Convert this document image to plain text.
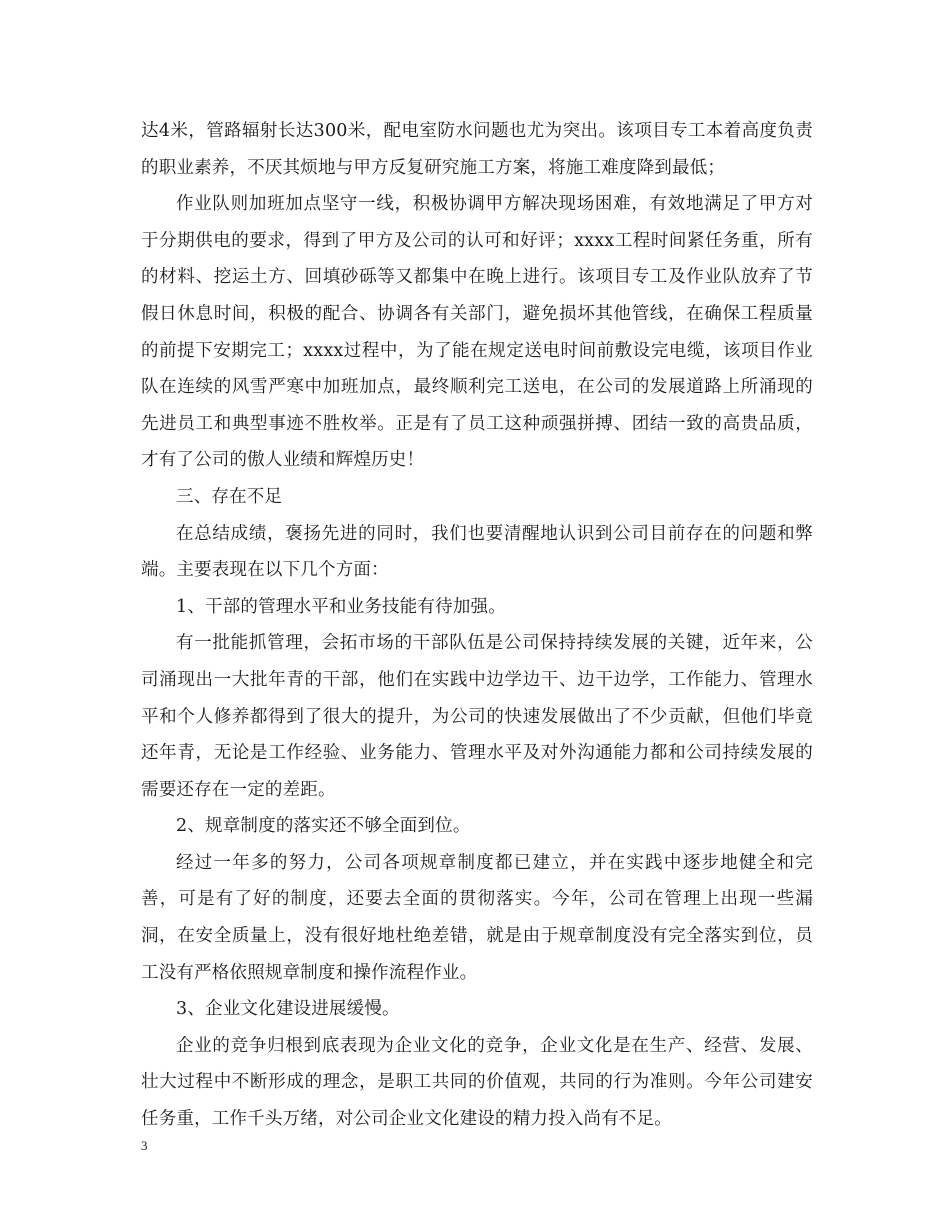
达4米，管路辐射长达300米，配电室防水问题也尤为突出。该项目专工本着高度负责的职业素养，不厌其烦地与甲方反复研究施工方案，将施工难度降到最低；

作业队则加班加点坚守一线，积极协调甲方解决现场困难，有效地满足了甲方对于分期供电的要求，得到了甲方及公司的认可和好评；xxxx工程时间紧任务重，所有的材料、挖运土方、回填砂砾等又都集中在晚上进行。该项目专工及作业队放弃了节假日休息时间，积极的配合、协调各有关部门，避免损坏其他管线，在确保工程质量的前提下安期完工；xxxx过程中，为了能在规定送电时间前敷设完电缆，该项目作业队在连续的风雪严寒中加班加点，最终顺利完工送电，在公司的发展道路上所涌现的先进员工和典型事迹不胜枚举。正是有了员工这种顽强拼搏、团结一致的高贵品质，才有了公司的傲人业绩和辉煌历史！

三、存在不足

在总结成绩，褒扬先进的同时，我们也要清醒地认识到公司目前存在的问题和弊端。主要表现在以下几个方面：

1、干部的管理水平和业务技能有待加强。

有一批能抓管理，会拓市场的干部队伍是公司保持持续发展的关键，近年来，公司涌现出一大批年青的干部，他们在实践中边学边干、边干边学，工作能力、管理水平和个人修养都得到了很大的提升，为公司的快速发展做出了不少贡献，但他们毕竟还年青，无论是工作经验、业务能力、管理水平及对外沟通能力都和公司持续发展的需要还存在一定的差距。

2、规章制度的落实还不够全面到位。

经过一年多的努力，公司各项规章制度都已建立，并在实践中逐步地健全和完善，可是有了好的制度，还要去全面的贯彻落实。今年，公司在管理上出现一些漏洞，在安全质量上，没有很好地杜绝差错，就是由于规章制度没有完全落实到位，员工没有严格依照规章制度和操作流程作业。

3、企业文化建设进展缓慢。

企业的竞争归根到底表现为企业文化的竞争，企业文化是在生产、经营、发展、壮大过程中不断形成的理念，是职工共同的价值观，共同的行为准则。今年公司建安任务重，工作千头万绪，对公司企业文化建设的精力投入尚有不足。

3
